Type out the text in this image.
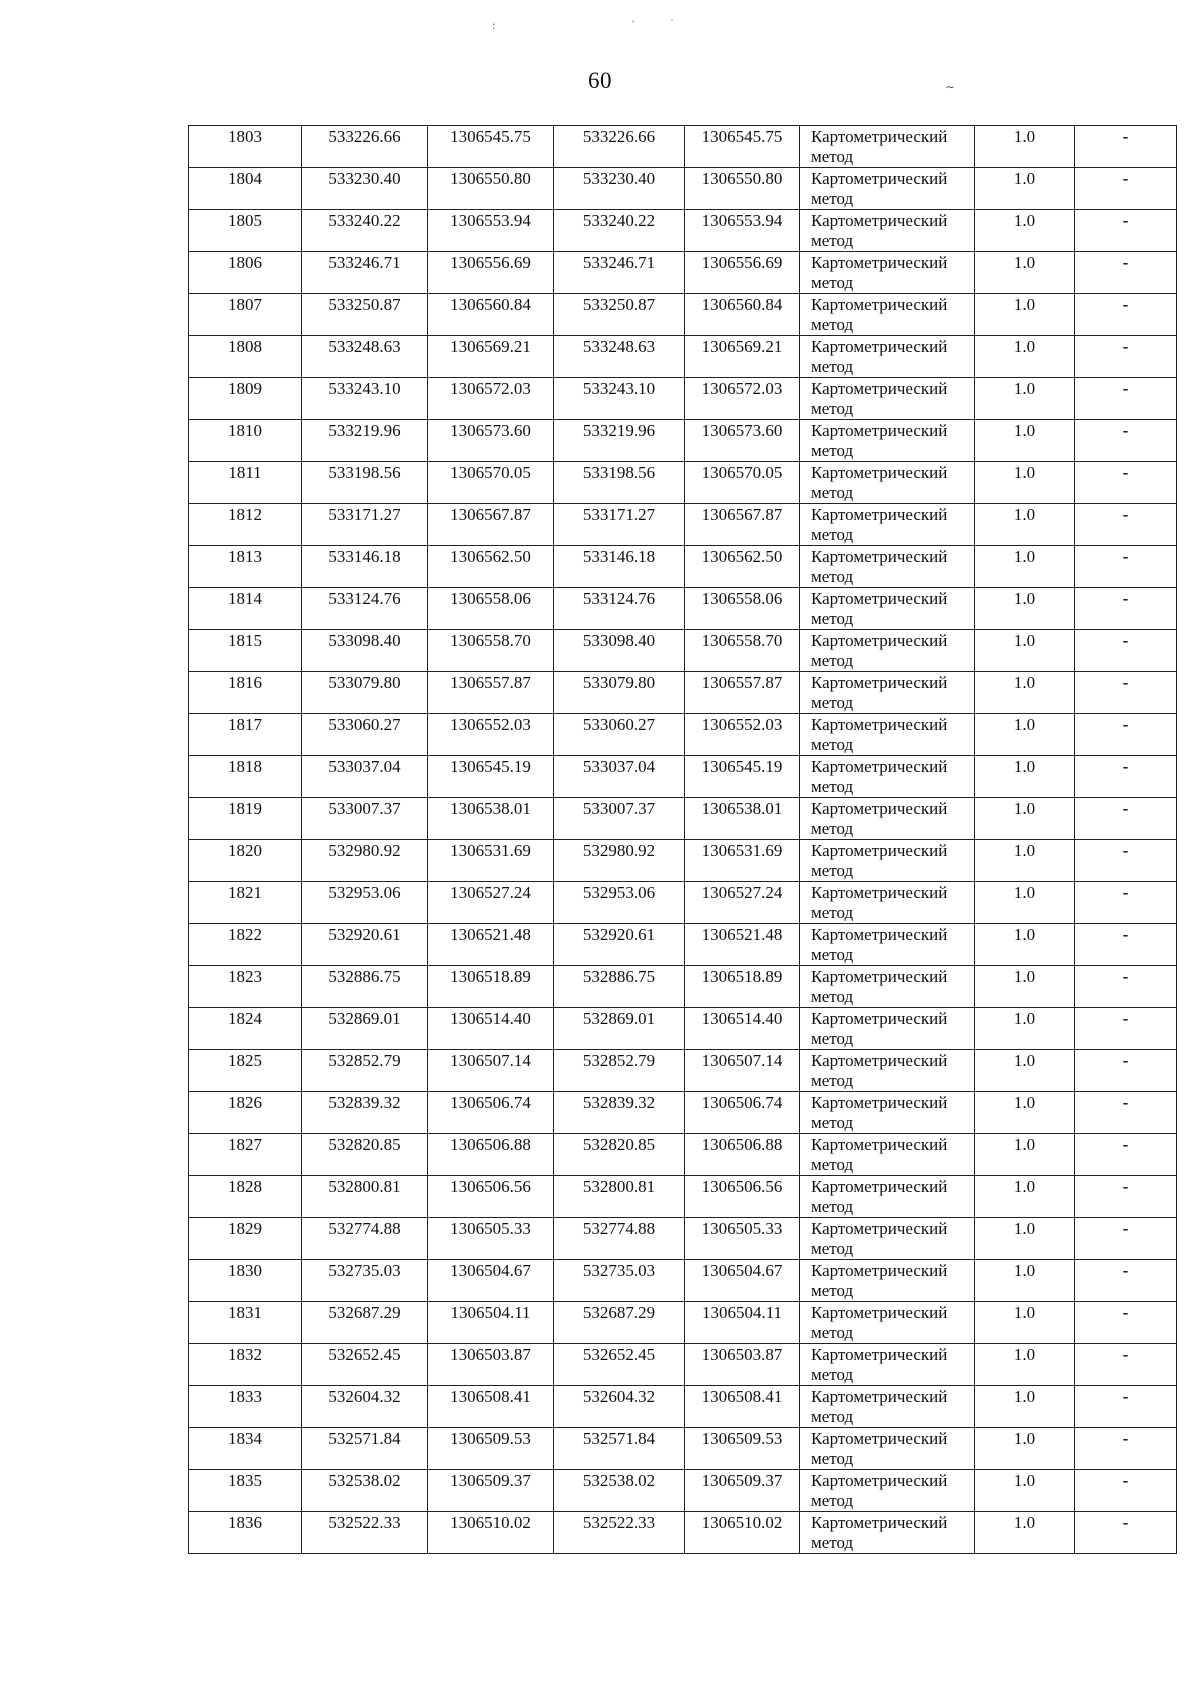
:	·	˙
∼
60
1803	533226.66	1306545.75	533226.66	1306545.75	Картометрический метод	1.0	-
1804	533230.40	1306550.80	533230.40	1306550.80	Картометрический метод	1.0	-
1805	533240.22	1306553.94	533240.22	1306553.94	Картометрический метод	1.0	-
1806	533246.71	1306556.69	533246.71	1306556.69	Картометрический метод	1.0	-
1807	533250.87	1306560.84	533250.87	1306560.84	Картометрический метод	1.0	-
1808	533248.63	1306569.21	533248.63	1306569.21	Картометрический метод	1.0	-
1809	533243.10	1306572.03	533243.10	1306572.03	Картометрический метод	1.0	-
1810	533219.96	1306573.60	533219.96	1306573.60	Картометрический метод	1.0	-
1811	533198.56	1306570.05	533198.56	1306570.05	Картометрический метод	1.0	-
1812	533171.27	1306567.87	533171.27	1306567.87	Картометрический метод	1.0	-
1813	533146.18	1306562.50	533146.18	1306562.50	Картометрический метод	1.0	-
1814	533124.76	1306558.06	533124.76	1306558.06	Картометрический метод	1.0	-
1815	533098.40	1306558.70	533098.40	1306558.70	Картометрический метод	1.0	-
1816	533079.80	1306557.87	533079.80	1306557.87	Картометрический метод	1.0	-
1817	533060.27	1306552.03	533060.27	1306552.03	Картометрический метод	1.0	-
1818	533037.04	1306545.19	533037.04	1306545.19	Картометрический метод	1.0	-
1819	533007.37	1306538.01	533007.37	1306538.01	Картометрический метод	1.0	-
1820	532980.92	1306531.69	532980.92	1306531.69	Картометрический метод	1.0	-
1821	532953.06	1306527.24	532953.06	1306527.24	Картометрический метод	1.0	-
1822	532920.61	1306521.48	532920.61	1306521.48	Картометрический метод	1.0	-
1823	532886.75	1306518.89	532886.75	1306518.89	Картометрический метод	1.0	-
1824	532869.01	1306514.40	532869.01	1306514.40	Картометрический метод	1.0	-
1825	532852.79	1306507.14	532852.79	1306507.14	Картометрический метод	1.0	-
1826	532839.32	1306506.74	532839.32	1306506.74	Картометрический метод	1.0	-
1827	532820.85	1306506.88	532820.85	1306506.88	Картометрический метод	1.0	-
1828	532800.81	1306506.56	532800.81	1306506.56	Картометрический метод	1.0	-
1829	532774.88	1306505.33	532774.88	1306505.33	Картометрический метод	1.0	-
1830	532735.03	1306504.67	532735.03	1306504.67	Картометрический метод	1.0	-
1831	532687.29	1306504.11	532687.29	1306504.11	Картометрический метод	1.0	-
1832	532652.45	1306503.87	532652.45	1306503.87	Картометрический метод	1.0	-
1833	532604.32	1306508.41	532604.32	1306508.41	Картометрический метод	1.0	-
1834	532571.84	1306509.53	532571.84	1306509.53	Картометрический метод	1.0	-
1835	532538.02	1306509.37	532538.02	1306509.37	Картометрический метод	1.0	-
1836	532522.33	1306510.02	532522.33	1306510.02	Картометрический метод	1.0	-
